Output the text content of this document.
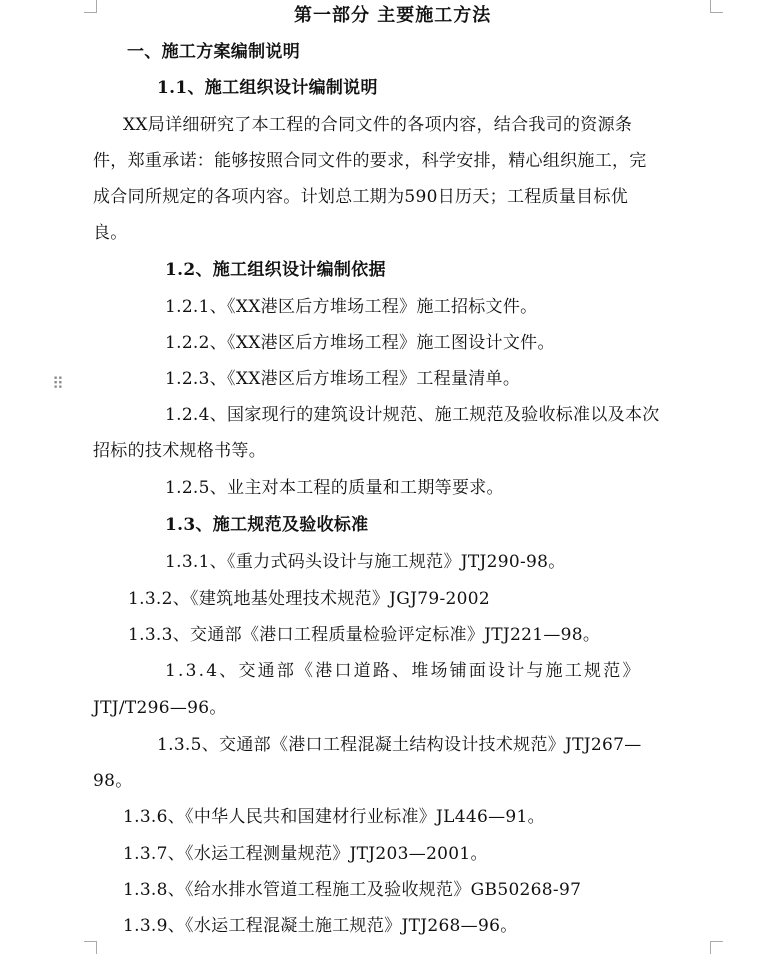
⠿
第一部分 主要施工方法
一、施工方案编制说明
1.1、施工组织设计编制说明
XX局详细研究了本工程的合同文件的各项内容，结合我司的资源条
件，郑重承诺：能够按照合同文件的要求，科学安排，精心组织施工，完
成合同所规定的各项内容。计划总工期为590日历天；工程质量目标优
良。
1.2、施工组织设计编制依据
1.2.1、《XX港区后方堆场工程》施工招标文件。
1.2.2、《XX港区后方堆场工程》施工图设计文件。
1.2.3、《XX港区后方堆场工程》工程量清单。
1.2.4、国家现行的建筑设计规范、施工规范及验收标准以及本次
招标的技术规格书等。
1.2.5、业主对本工程的质量和工期等要求。
1.3、施工规范及验收标准
1.3.1、《重力式码头设计与施工规范》JTJ290-98。
1.3.2、《建筑地基处理技术规范》JGJ79-2002
1.3.3、交通部《港口工程质量检验评定标准》JTJ221—98。
1.3.4、交通部《港口道路、堆场铺面设计与施工规范》
JTJ/T296—96。
1.3.5、交通部《港口工程混凝土结构设计技术规范》JTJ267—
98。
1.3.6、《中华人民共和国建材行业标准》JL446—91。
1.3.7、《水运工程测量规范》JTJ203—2001。
1.3.8、《给水排水管道工程施工及验收规范》GB50268-97
1.3.9、《水运工程混凝土施工规范》JTJ268—96。
